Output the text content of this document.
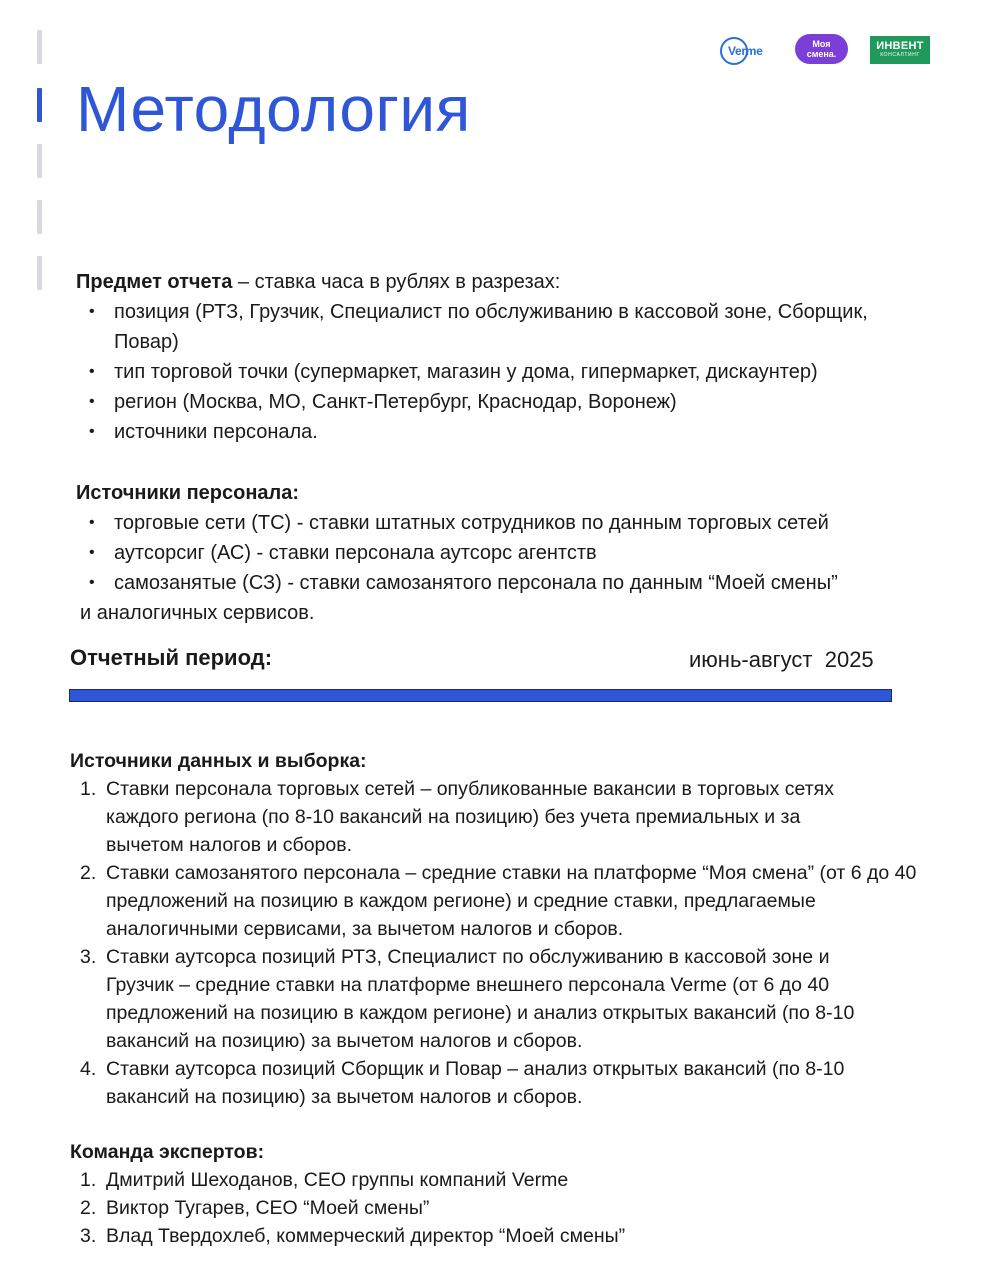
Verme	Моя
смена.
ИНВЕНТ
КОНСАЛТИНГ
Методология
Предмет отчета – ставка часа в рублях в разрезах:
• позиция (РТЗ, Грузчик, Специалист по обслуживанию в кассовой зоне, Сборщик, Повар)
• тип торговой точки (супермаркет, магазин у дома, гипермаркет, дискаунтер)
• регион (Москва, МО, Санкт-Петербург, Краснодар, Воронеж)
• источники персонала.
Источники персонала:
• торговые сети (ТС) - ставки штатных сотрудников по данным торговых сетей
• аутсорсиг (АС) - ставки персонала аутсорс агентств
• самозанятые (СЗ) - ставки самозанятого персонала по данным “Моей смены”
и аналогичных сервисов.
Отчетный период:	июнь-август  2025
Источники данных и выборка:
1. Ставки персонала торговых сетей – опубликованные вакансии в торговых сетях каждого региона (по 8-10 вакансий на позицию) без учета премиальных и за вычетом налогов и сборов.
2. Ставки самозанятого персонала – средние ставки на платформе “Моя смена” (от 6 до 40 предложений на позицию в каждом регионе) и средние ставки, предлагаемые аналогичными сервисами, за вычетом налогов и сборов.
3. Ставки аутсорса позиций РТЗ, Специалист по обслуживанию в кассовой зоне и Грузчик – средние ставки на платформе внешнего персонала Verme (от 6 до 40 предложений на позицию в каждом регионе) и анализ открытых вакансий (по 8-10 вакансий на позицию) за вычетом налогов и сборов.
4. Ставки аутсорса позиций Сборщик и Повар – анализ открытых вакансий (по 8-10 вакансий на позицию) за вычетом налогов и сборов.
Команда экспертов:
1. Дмитрий Шеходанов, CEO группы компаний Verme
2. Виктор Тугарев, CEO “Моей смены”
3. Влад Твердохлеб, коммерческий директор “Моей смены”
